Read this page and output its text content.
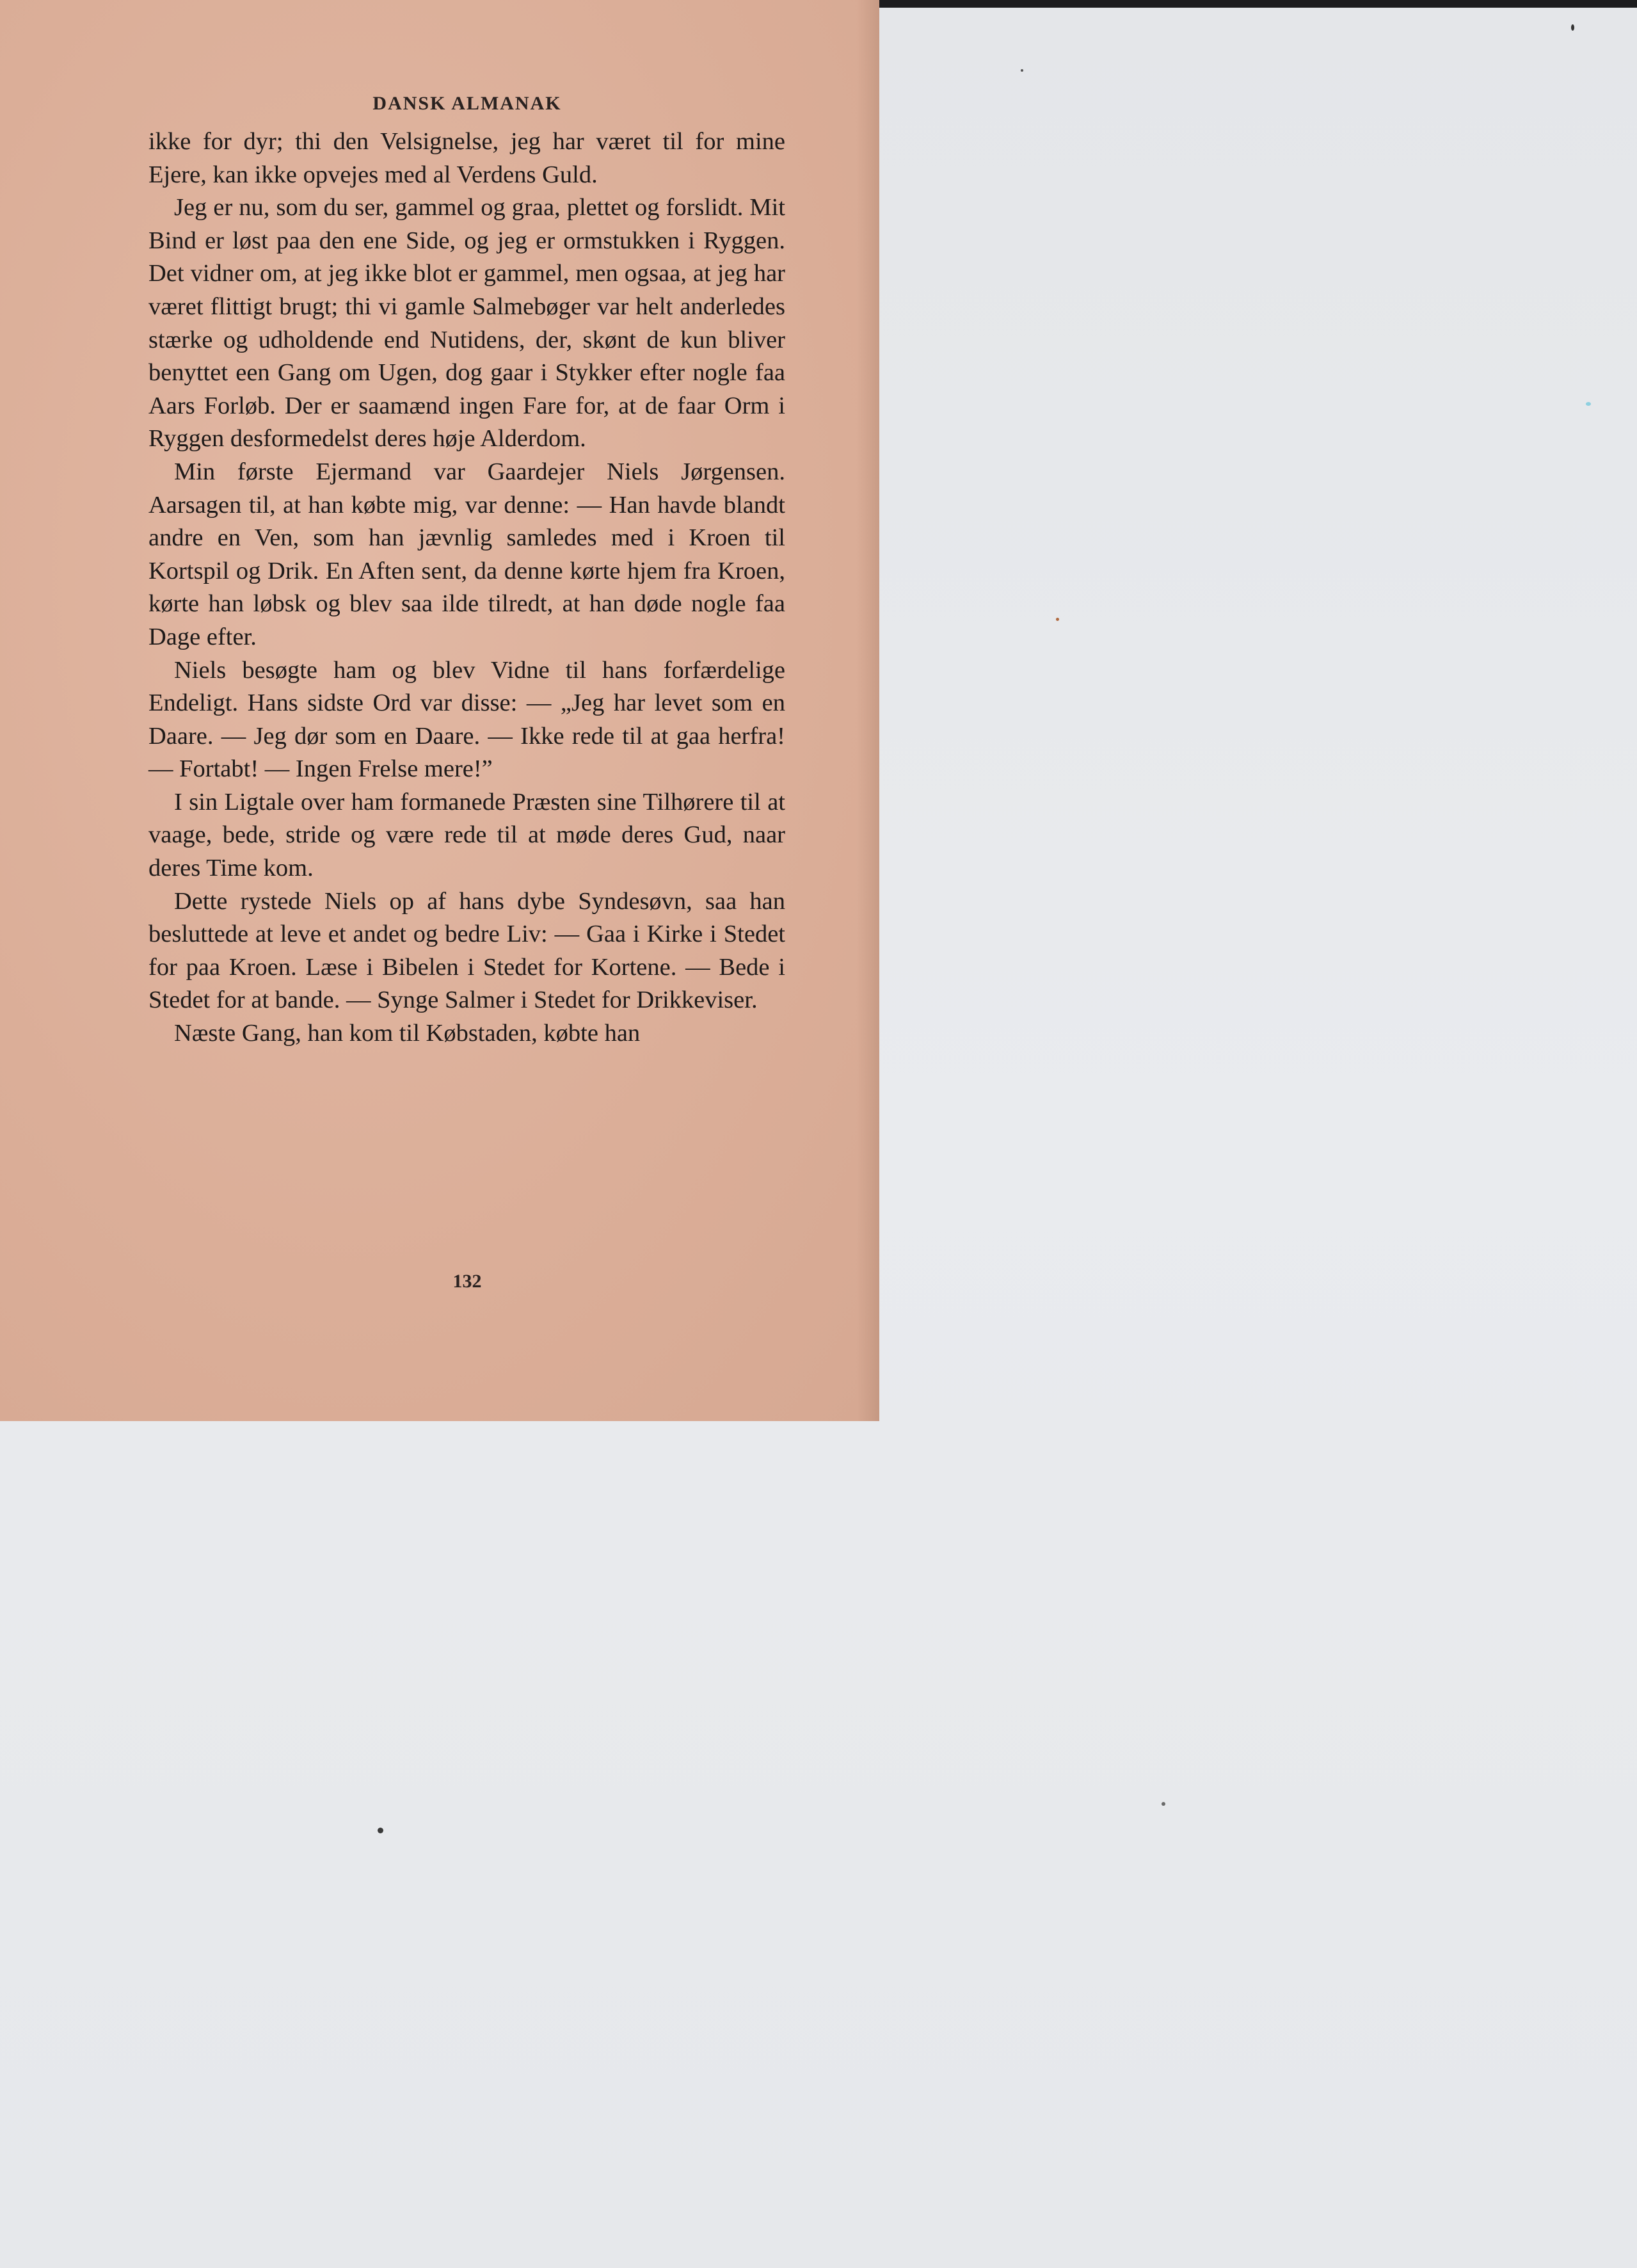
DANSK ALMANAK

ikke for dyr; thi den Velsignelse, jeg har været til for mine Ejere, kan ikke opvejes med al Verdens Guld.

Jeg er nu, som du ser, gammel og graa, plettet og forslidt. Mit Bind er løst paa den ene Side, og jeg er ormstukken i Ryggen. Det vidner om, at jeg ikke blot er gammel, men ogsaa, at jeg har været flittigt brugt; thi vi gamle Salmebøger var helt anderledes stærke og udholdende end Nutidens, der, skønt de kun bliver benyttet een Gang om Ugen, dog gaar i Stykker efter nogle faa Aars Forløb. Der er saamænd ingen Fare for, at de faar Orm i Ryggen desformedelst deres høje Alderdom.

Min første Ejermand var Gaardejer Niels Jørgensen. Aarsagen til, at han købte mig, var denne: — Han havde blandt andre en Ven, som han jævnlig samledes med i Kroen til Kortspil og Drik. En Aften sent, da denne kørte hjem fra Kroen, kørte han løbsk og blev saa ilde tilredt, at han døde nogle faa Dage efter.

Niels besøgte ham og blev Vidne til hans forfærdelige Endeligt. Hans sidste Ord var disse: — „Jeg har levet som en Daare. — Jeg dør som en Daare. — Ikke rede til at gaa herfra! — Fortabt! — Ingen Frelse mere!”

I sin Ligtale over ham formanede Præsten sine Tilhørere til at vaage, bede, stride og være rede til at møde deres Gud, naar deres Time kom.

Dette rystede Niels op af hans dybe Syndesøvn, saa han besluttede at leve et andet og bedre Liv: — Gaa i Kirke i Stedet for paa Kroen. Læse i Bibelen i Stedet for Kortene. — Bede i Stedet for at bande. — Synge Salmer i Stedet for Drikkeviser.

Næste Gang, han kom til Købstaden, købte han

132
